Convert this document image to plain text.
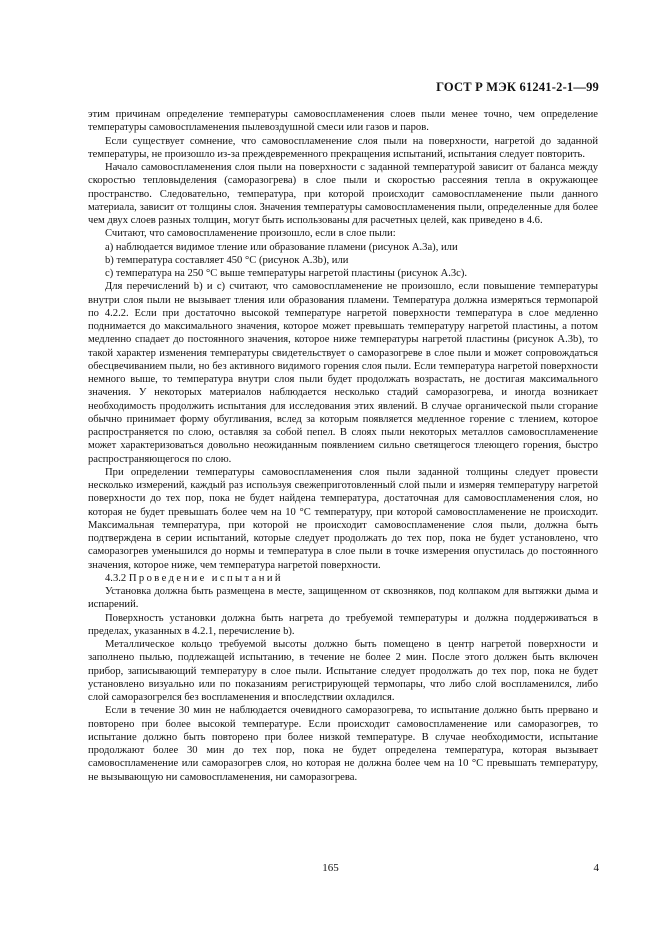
ГОСТ Р МЭК 61241-2-1—99

этим причинам определение температуры самовоспламенения слоев пыли менее точно, чем определение температуры самовоспламенения пылевоздушной смеси или газов и паров.

Если существует сомнение, что самовоспламенение слоя пыли на поверхности, нагретой до заданной температуры, не произошло из-за преждевременного прекращения испытаний, испытания следует повторить.

Начало самовоспламенения слоя пыли на поверхности с заданной температурой зависит от баланса между скоростью тепловыделения (саморазогрева) в слое пыли и скоростью рассеяния тепла в окружающее пространство. Следовательно, температура, при которой происходит самовоспламенение пыли данного материала, зависит от толщины слоя. Значения температуры самовоспламенения пыли, определенные для более чем двух слоев разных толщин, могут быть использованы для расчетных целей, как приведено в 4.6.

Считают, что самовоспламенение произошло, если в слое пыли:

а) наблюдается видимое тление или образование пламени (рисунок А.3а), или

b) температура составляет 450 °С (рисунок А.3b), или

с) температура на 250 °С выше температуры нагретой пластины (рисунок А.3с).

Для перечислений b) и с) считают, что самовоспламенение не произошло, если повышение температуры внутри слоя пыли не вызывает тления или образования пламени. Температура должна измеряться термопарой по 4.2.2. Если при достаточно высокой температуре нагретой поверхности температура в слое медленно поднимается до максимального значения, которое может превышать температуру нагретой пластины, а потом медленно спадает до постоянного значения, которое ниже температуры нагретой пластины (рисунок А.3b), то такой характер изменения температуры свидетельствует о саморазогреве в слое пыли и может сопровождаться обесцвечиванием пыли, но без активного видимого горения слоя пыли. Если температура нагретой поверхности немного выше, то температура внутри слоя пыли будет продолжать возрастать, не достигая максимального значения. У некоторых материалов наблюдается несколько стадий саморазогрева, и иногда возникает необходимость продолжить испытания для исследования этих явлений. В случае органической пыли сгорание обычно принимает форму обугливания, вслед за которым появляется медленное горение с тлением, которое распространяется по слою, оставляя за собой пепел. В слоях пыли некоторых металлов самовоспламенение может характеризоваться довольно неожиданным появлением сильно светящегося тлеющего горения, быстро распространяющегося по слою.

При определении температуры самовоспламенения слоя пыли заданной толщины следует провести несколько измерений, каждый раз используя свежеприготовленный слой пыли и измеряя температуру нагретой поверхности до тех пор, пока не будет найдена температура, достаточная для самовоспламенения слоя, но которая не будет превышать более чем на 10 °С температуру, при которой самовоспламенение не происходит. Максимальная температура, при которой не происходит самовоспламенение слоя пыли, должна быть подтверждена в серии испытаний, которые следует продолжать до тех пор, пока не будет установлено, что саморазогрев уменьшился до нормы и температура в слое пыли в точке измерения опустилась до постоянного значения, которое ниже, чем температура нагретой поверхности.

4.3.2 Проведение испытаний

Установка должна быть размещена в месте, защищенном от сквозняков, под колпаком для вытяжки дыма и испарений.

Поверхность установки должна быть нагрета до требуемой температуры и должна поддерживаться в пределах, указанных в 4.2.1, перечисление b).

Металлическое кольцо требуемой высоты должно быть помещено в центр нагретой поверхности и заполнено пылью, подлежащей испытанию, в течение не более 2 мин. После этого должен быть включен прибор, записывающий температуру в слое пыли. Испытание следует продолжать до тех пор, пока не будет установлено визуально или по показаниям регистрирующей термопары, что либо слой воспламенился, либо слой саморазогрелся без воспламенения и впоследствии охладился.

Если в течение 30 мин не наблюдается очевидного саморазогрева, то испытание должно быть прервано и повторено при более высокой температуре. Если происходит самовоспламенение или саморазогрев, то испытание должно быть повторено при более низкой температуре. В случае необходимости, испытание продолжают более 30 мин до тех пор, пока не будет определена температура, которая вызывает самовоспламенение или саморазогрев слоя, но которая не должна более чем на 10 °С превышать температуру, не вызывающую ни самовоспламенения, ни саморазогрева.

165	4
